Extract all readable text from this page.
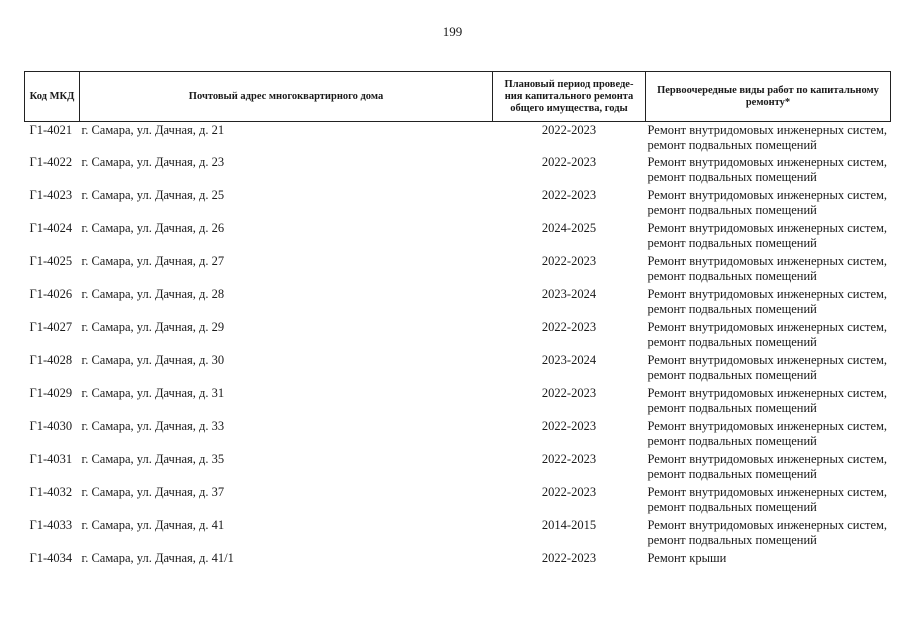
199
Код МКД	Почтовый адрес многоквартирного дома	Плановый период проведе-ния капитального ремонта общего имущества, годы	Первоочередные виды работ по капитальному ремонту*
Г1-4021	г. Самара, ул. Дачная, д. 21	2022-2023	Ремонт внутридомовых инженерных систем,
ремонт подвальных помещений

Г1-4022	г. Самара, ул. Дачная, д. 23	2022-2023	Ремонт внутридомовых инженерных систем,
ремонт подвальных помещений

Г1-4023	г. Самара, ул. Дачная, д. 25	2022-2023	Ремонт внутридомовых инженерных систем,
ремонт подвальных помещений

Г1-4024	г. Самара, ул. Дачная, д. 26	2024-2025	Ремонт внутридомовых инженерных систем,
ремонт подвальных помещений

Г1-4025	г. Самара, ул. Дачная, д. 27	2022-2023	Ремонт внутридомовых инженерных систем,
ремонт подвальных помещений

Г1-4026	г. Самара, ул. Дачная, д. 28	2023-2024	Ремонт внутридомовых инженерных систем,
ремонт подвальных помещений

Г1-4027	г. Самара, ул. Дачная, д. 29	2022-2023	Ремонт внутридомовых инженерных систем,
ремонт подвальных помещений

Г1-4028	г. Самара, ул. Дачная, д. 30	2023-2024	Ремонт внутридомовых инженерных систем,
ремонт подвальных помещений

Г1-4029	г. Самара, ул. Дачная, д. 31	2022-2023	Ремонт внутридомовых инженерных систем,
ремонт подвальных помещений

Г1-4030	г. Самара, ул. Дачная, д. 33	2022-2023	Ремонт внутридомовых инженерных систем,
ремонт подвальных помещений

Г1-4031	г. Самара, ул. Дачная, д. 35	2022-2023	Ремонт внутридомовых инженерных систем,
ремонт подвальных помещений

Г1-4032	г. Самара, ул. Дачная, д. 37	2022-2023	Ремонт внутридомовых инженерных систем,
ремонт подвальных помещений

Г1-4033	г. Самара, ул. Дачная, д. 41	2014-2015	Ремонт внутридомовых инженерных систем,
ремонт подвальных помещений

Г1-4034	г. Самара, ул. Дачная, д. 41/1	2022-2023	Ремонт крыши
